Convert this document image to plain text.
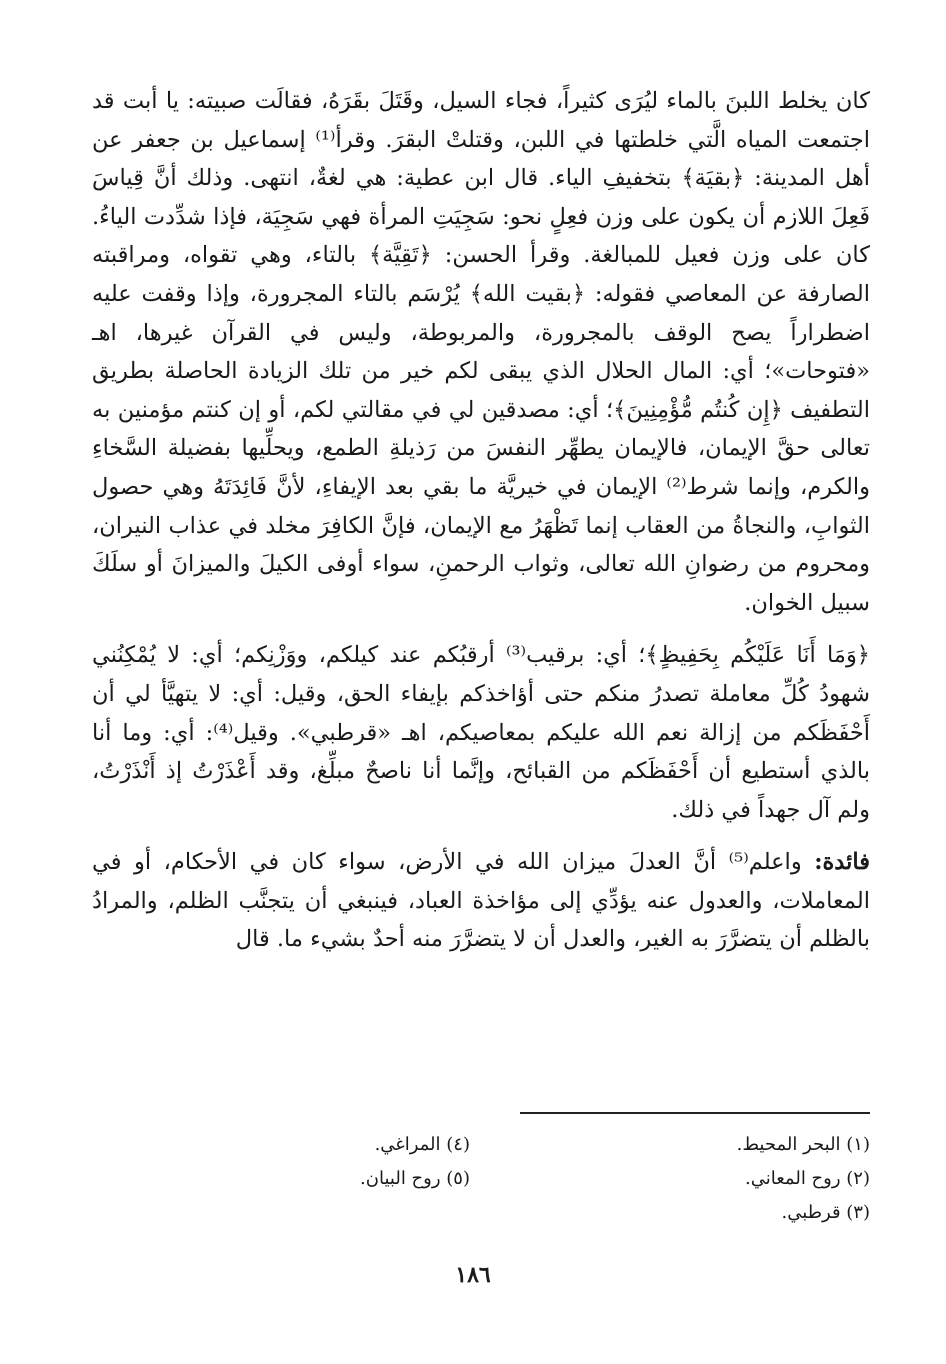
كان يخلط اللبنَ بالماء ليُرَى كثيراً، فجاء السيل، وقَتَلَ بقَرَهُ، فقالَت صبيته: يا أبت قد اجتمعت المياه الَّتي خلطتها في اللبن، وقتلتْ البقرَ. وقرأ⁽¹⁾ إسماعيل بن جعفر عن أهل المدينة: ﴿بقيَة﴾ بتخفيفِ الياء. قال ابن عطية: هي لغةٌ، انتهى. وذلك أنَّ قِياسَ فَعِلَ اللازم أن يكون على وزن فعِلٍ نحو: سَجِيَتِ المرأة فهي سَجِيَة، فإذا شدِّدت الياءُ. كان على وزن فعيل للمبالغة. وقرأ الحسن: ﴿تَقِيَّة﴾ بالتاء، وهي تقواه، ومراقبته الصارفة عن المعاصي فقوله: ﴿بقيت الله﴾ يُرْسَم بالتاء المجرورة، وإذا وقفت عليه اضطراراً يصح الوقف بالمجرورة، والمربوطة، وليس في القرآن غيرها، اهـ «فتوحات»؛ أي: المال الحلال الذي يبقى لكم خير من تلك الزيادة الحاصلة بطريق التطفيف ﴿إِن كُنتُم مُّؤْمِنِينَ﴾؛ أي: مصدقين لي في مقالتي لكم، أو إن كنتم مؤمنين به تعالى حقَّ الإيمان، فالإيمان يطهِّر النفسَ من رَذيلةِ الطمع، ويحلِّيها بفضيلة السَّخاءِ والكرم، وإنما شرط⁽²⁾ الإيمان في خيريَّة ما بقي بعد الإيفاءِ، لأنَّ فَائِدَتَهُ وهي حصول الثوابِ، والنجاةُ من العقاب إنما تَظْهَرُ مع الإيمان، فإنَّ الكافِرَ مخلد في عذاب النيران، ومحروم من رضوانِ الله تعالى، وثواب الرحمنِ، سواء أوفى الكيلَ والميزانَ أو سلَكَ سبيل الخوان.

﴿وَمَا أَنَا عَلَيْكُم بِحَفِيظٍ﴾؛ أي: برقيب⁽³⁾ أرقبُكم عند كيلكم، ووَزْنِكم؛ أي: لا يُمْكِنُني شهودُ كُلِّ معاملة تصدرُ منكم حتى أؤاخذكم بإيفاء الحق، وقيل: أي: لا يتهيَّأ لي أن أَحْفَظَكم من إزالة نعم الله عليكم بمعاصيكم، اهـ «قرطبي». وقيل⁽⁴⁾: أي: وما أنا بالذي أستطيع أن أَحْفَظَكم من القبائح، وإنَّما أنا ناصحٌ مبلِّغ، وقد أَعْذَرْتُ إذ أَنْذَرْتُ، ولم آل جهداً في ذلك.

فائدة: واعلم⁽⁵⁾ أنَّ العدلَ ميزان الله في الأرض، سواء كان في الأحكام، أو في المعاملات، والعدول عنه يؤدِّي إلى مؤاخذة العباد، فينبغي أن يتجنَّب الظلم، والمرادُ بالظلم أن يتضرَّرَ به الغير، والعدل أن لا يتضرَّرَ منه أحدٌ بشيء ما. قال

(١) البحر المحيط.

(٢) روح المعاني.

(٣) قرطبي.

(٤) المراغي.

(٥) روح البيان.

١٨٦
